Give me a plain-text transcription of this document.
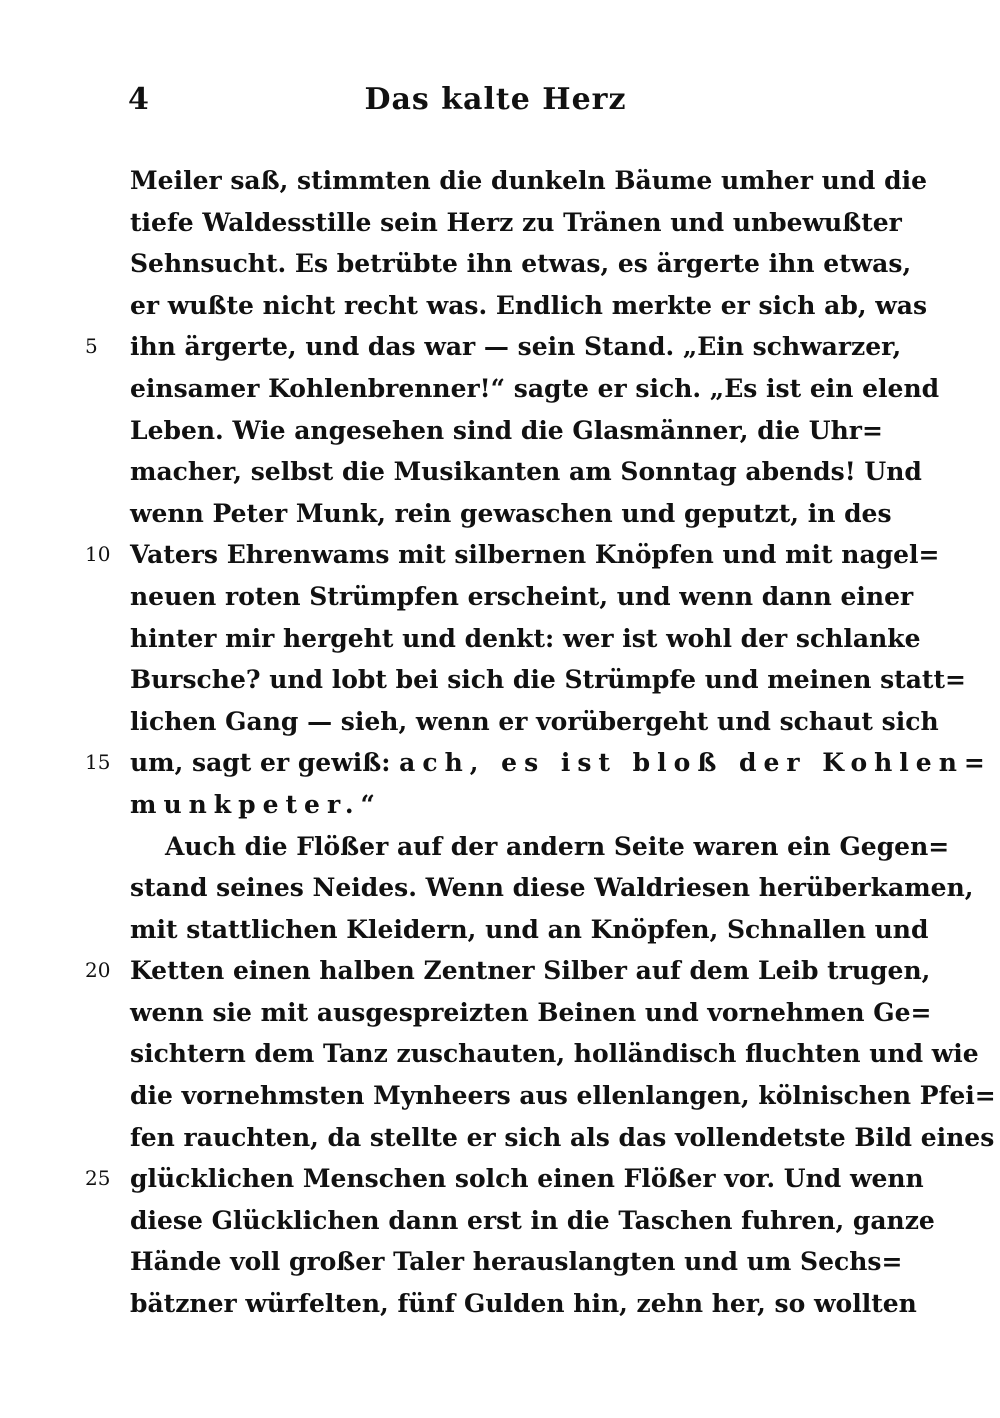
4	Das kalte Herz
Meiler saß, stimmten die dunkeln Bäume umher und die
tiefe Waldesstille sein Herz zu Tränen und unbewußter
Sehnsucht. Es betrübte ihn etwas, es ärgerte ihn etwas,
er wußte nicht recht was. Endlich merkte er sich ab, was
5	ihn ärgerte, und das war — sein Stand. „Ein schwarzer,
einsamer Kohlenbrenner!“ sagte er sich. „Es ist ein elend
Leben. Wie angesehen sind die Glasmänner, die Uhr=
macher, selbst die Musikanten am Sonntag abends! Und
wenn Peter Munk, rein gewaschen und geputzt, in des
10 Vaters Ehrenwams mit silbernen Knöpfen und mit nagel=
neuen roten Strümpfen erscheint, und wenn dann einer
hinter mir hergeht und denkt: wer ist wohl der schlanke
Bursche? und lobt bei sich die Strümpfe und meinen statt=
lichen Gang — sieh, wenn er vorübergeht und schaut sich
15 um, sagt er gewiß: ach, es ist bloß der Kohlen=
munkpeter.“
Auch die Flößer auf der andern Seite waren ein Gegen=
stand seines Neides. Wenn diese Waldriesen herüberkamen,
mit stattlichen Kleidern, und an Knöpfen, Schnallen und
20 Ketten einen halben Zentner Silber auf dem Leib trugen,
wenn sie mit ausgespreizten Beinen und vornehmen Ge=
sichtern dem Tanz zuschauten, holländisch fluchten und wie
die vornehmsten Mynheers aus ellenlangen, kölnischen Pfei=
fen rauchten, da stellte er sich als das vollendetste Bild eines
25 glücklichen Menschen solch einen Flößer vor. Und wenn
diese Glücklichen dann erst in die Taschen fuhren, ganze
Hände voll großer Taler herauslangten und um Sechs=
bätzner würfelten, fünf Gulden hin, zehn her, so wollten
